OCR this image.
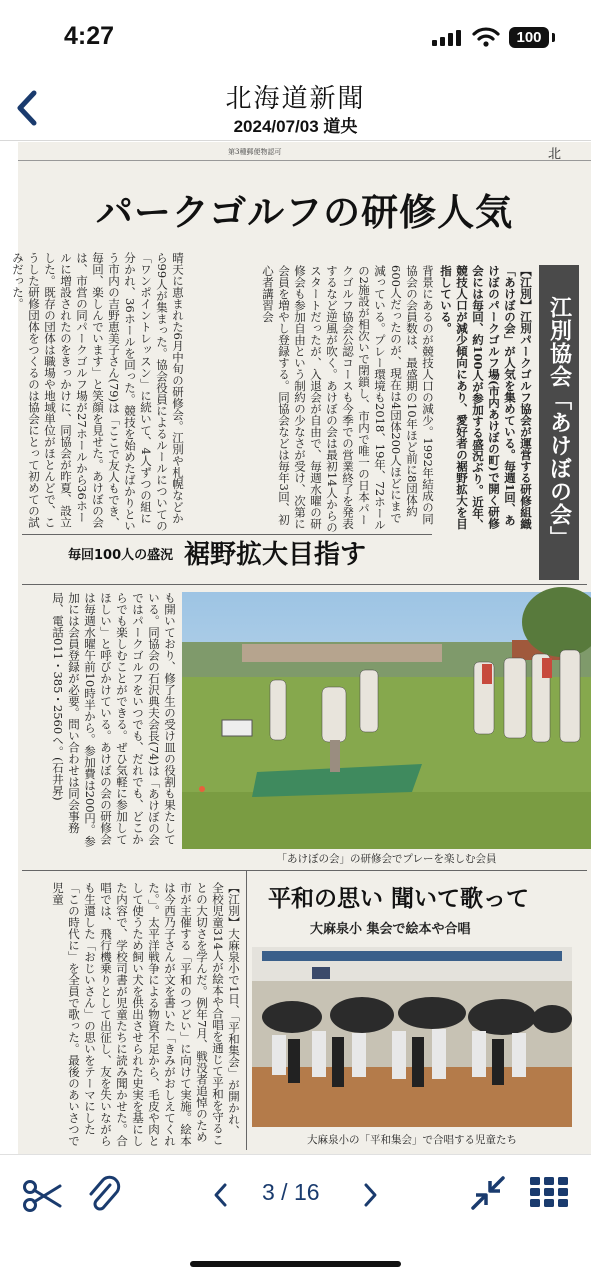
4:27	100
北海道新聞
2024/07/03 道央
第3種郵便物認可	北
パークゴルフの研修人気
江別協会「あけぼの会」
【江別】江別パークゴルフ協会が運営する研修組織「あけぼの会」が人気を集めている。毎週1回、あけぼのパークゴルフ場(市内あけぼの町)で開く研修会には毎回、約100人が参加する盛況ぶり。近年、競技人口が減少傾向にあり、愛好者の裾野拡大を目指している。
背景にあるのが競技人口の減少。1992年結成の同協会の会員数は、最盛期の10年ほど前に8団体約600人だったのが、現在は4団体200人ほどにまで減っている。プレー環境も2018、19年、72ホールの2施設が相次いで閉鎖し、市内で唯一の日本パークゴルフ協会公認コースも今季での営業終了を発表するなど逆風が吹く。あけぼの会は最初14人からのスタートだったが、入退会が自由で、毎週水曜の研修会も参加自由という制約の少なさが受け、次第に会員を増やし登録する。同協会などは毎年3回、初心者講習会
晴天に恵まれた6月中旬の研修会。江別や札幌などから99人が集まった。協会役員によるルールについての「ワンポイントレッスン」に続いて、4人ずつの組に分かれ、36ホールを回った。競技を始めたばかりという市内の吉野恵美子さん(79)は「ここで友人もでき、毎回、楽しんでいます」と笑顔を見せた。あけぼの会は、市営の同パークゴルフ場が27ホールから36ホールに増設されたのをきっかけに、同協会が昨夏、設立した。既存の団体は職場や地域単位がほとんどで、こうした研修団体をつくるのは協会にとって初めての試みだった。
毎回100人の盛況 裾野拡大目指す
も開いており、修了生の受け皿の役割も果たしている。同協会の石沢典夫会長(74)は「あけぼの会ではパークゴルフをいつでも、だれでも、どこからでも楽しむことができる。ぜひ気軽に参加してほしい」と呼びかけている。あけぼの会の研修会は毎週水曜午前10時半から。参加費は200円。参加には会員登録が必要。問い合わせは同会事務局、電話011・385・2560へ。(石井昇)
「あけぼの会」の研修会でプレーを楽しむ会員
【江別】大麻泉小で1日、「平和集会」が開かれ、全校児童314人が絵本や合唱を通じて平和を守ることの大切さを学んだ。例年7月、戦没者追悼のため市が主催する「平和のつどい」に向けて実施。絵本は今西乃子さんが文を書いた「きみがおしえてくれた。」。太平洋戦争による物資不足から、毛皮や肉として使うため飼い犬を供出させられた史実を基にした内容で、学校司書が児童たちに読み聞かせた。合唱では、飛行機乗りとして出征し、友を失いながらも生還した「おじいさん」の思いをテーマにした「この時代に」を全員で歌った。最後のあいさつで児童	平和の思い 聞いて歌って
大麻泉小 集会で絵本や合唱
大麻泉小の「平和集会」で合唱する児童たち
3 / 16
